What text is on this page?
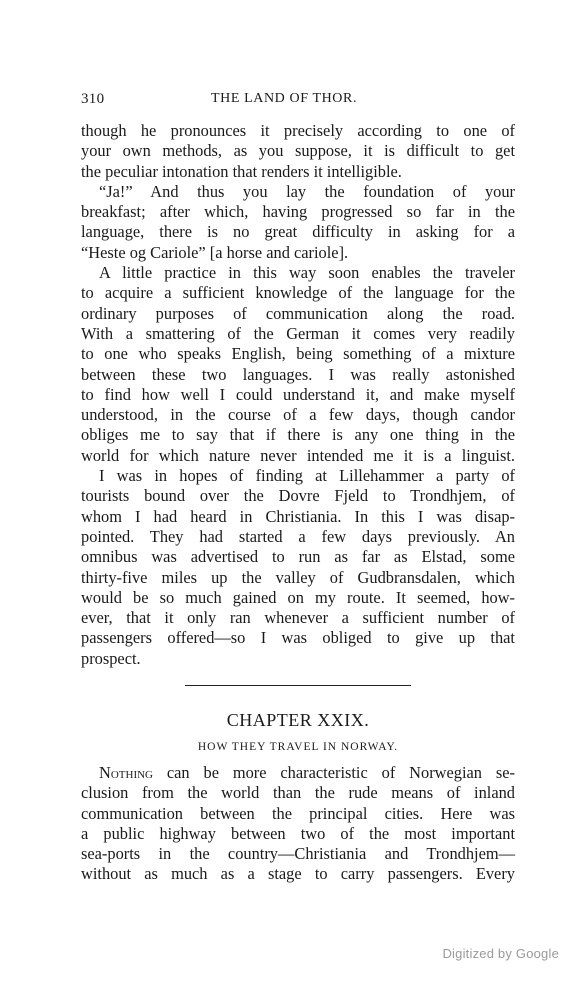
310	THE LAND OF THOR.
though he pronounces it precisely according to one of
your own methods, as you suppose, it is difficult to get
the peculiar intonation that renders it intelligible.
“Ja!” And thus you lay the foundation of your
breakfast; after which, having progressed so far in the
language, there is no great difficulty in asking for a
“Heste og Cariole” [a horse and cariole].
A little practice in this way soon enables the traveler
to acquire a sufficient knowledge of the language for the
ordinary purposes of communication along the road.
With a smattering of the German it comes very readily
to one who speaks English, being something of a mixture
between these two languages. I was really astonished
to find how well I could understand it, and make myself
understood, in the course of a few days, though candor
obliges me to say that if there is any one thing in the
world for which nature never intended me it is a linguist.
I was in hopes of finding at Lillehammer a party of
tourists bound over the Dovre Fjeld to Trondhjem, of
whom I had heard in Christiania. In this I was disap-
pointed. They had started a few days previously. An
omnibus was advertised to run as far as Elstad, some
thirty-five miles up the valley of Gudbransdalen, which
would be so much gained on my route. It seemed, how-
ever, that it only ran whenever a sufficient number of
passengers offered—so I was obliged to give up that
prospect.
CHAPTER XXIX.
HOW THEY TRAVEL IN NORWAY.
Nothing can be more characteristic of Norwegian se-
clusion from the world than the rude means of inland
communication between the principal cities. Here was
a public highway between two of the most important
sea-ports in the country—Christiania and Trondhjem—
without as much as a stage to carry passengers. Every
Digitized by Google
